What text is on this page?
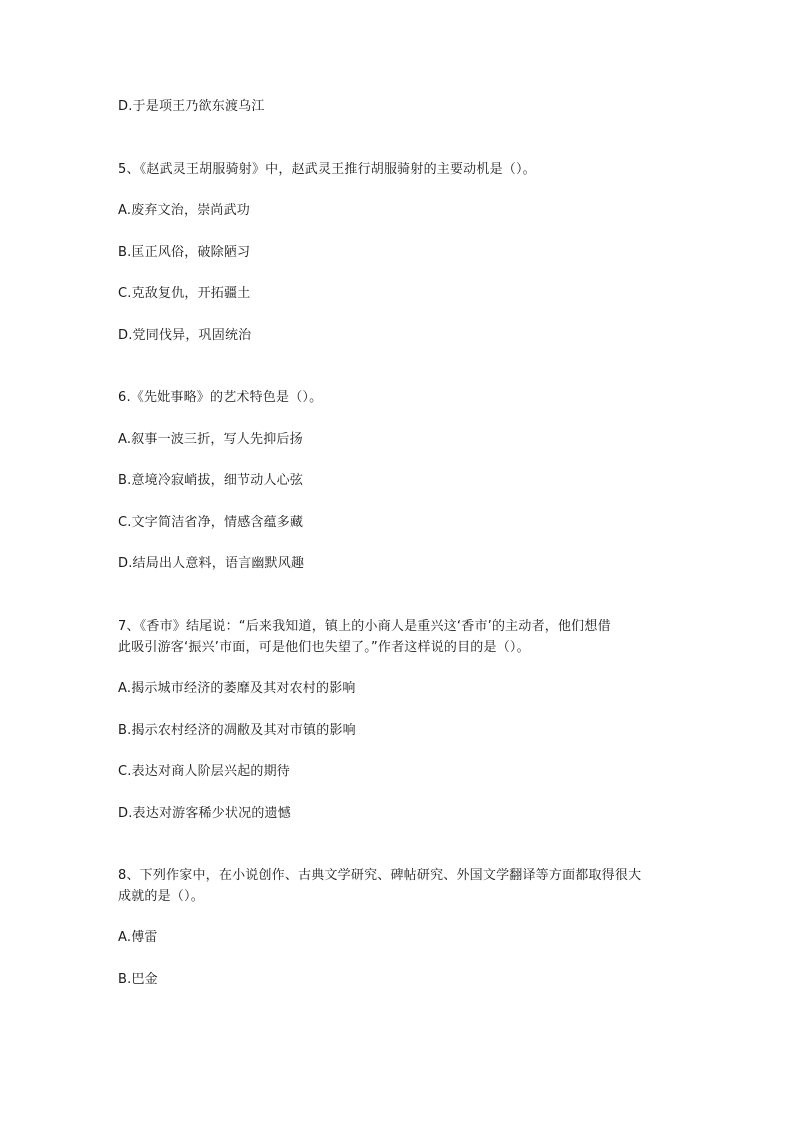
D.于是项王乃欲东渡乌江
5、《赵武灵王胡服骑射》中，赵武灵王推行胡服骑射的主要动机是（）。
A.废弃文治，崇尚武功
B.匡正风俗，破除陋习
C.克敌复仇，开拓疆土
D.党同伐异，巩固统治
6.《先妣事略》的艺术特色是（）。
A.叙事一波三折，写人先抑后扬
B.意境冷寂峭拔，细节动人心弦
C.文字简洁省净，情感含蕴多藏
D.结局出人意料，语言幽默风趣
7、《香市》结尾说：“后来我知道，镇上的小商人是重兴这‘香市’的主动者，他们想借
此吸引游客‘振兴’市面，可是他们也失望了。”作者这样说的目的是（）。
A.揭示城市经济的萎靡及其对农村的影响
B.揭示农村经济的凋敝及其对市镇的影响
C.表达对商人阶层兴起的期待
D.表达对游客稀少状况的遗憾
8、下列作家中，在小说创作、古典文学研究、碑帖研究、外国文学翻译等方面都取得很大
成就的是（）。
A.傅雷
B.巴金
